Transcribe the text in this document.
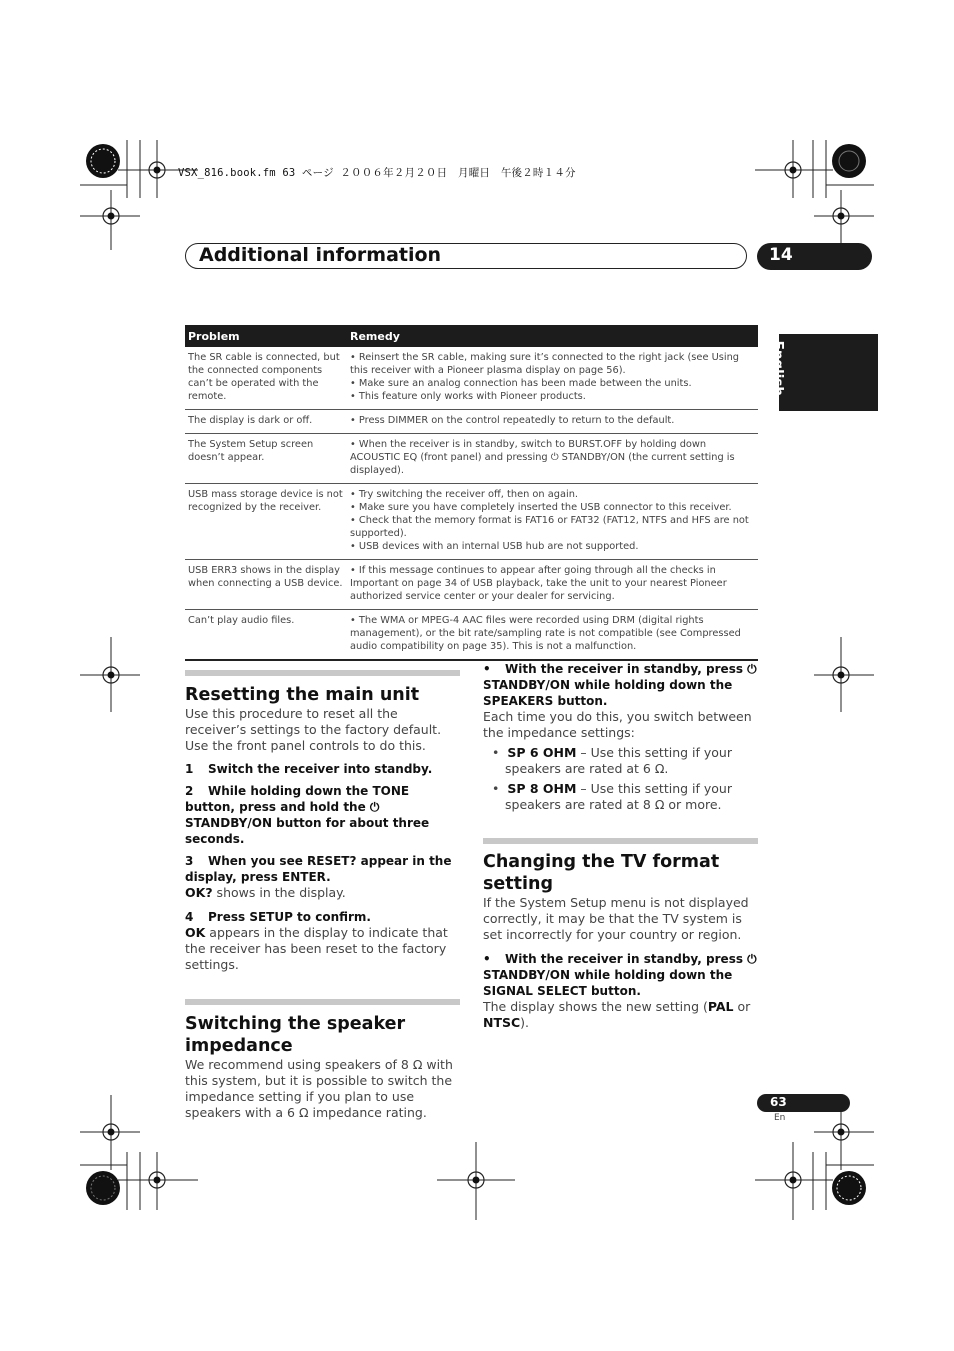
VSX_816.book.fm 63 ページ ２００６年２月２０日　月曜日　午後２時１４分
Additional information	14
English
Problem	Remedy
The SR cable is connected, but the connected components can’t be operated with the remote.	• Reinsert the SR cable, making sure it’s connected to the right jack (see Using this receiver with a Pioneer plasma display on page 56).
• Make sure an analog connection has been made between the units.
• This feature only works with Pioneer products.

The display is dark or off.	• Press DIMMER on the control repeatedly to return to the default.

The System Setup screen doesn’t appear.	• When the receiver is in standby, switch to BURST.OFF by holding down ACOUSTIC EQ (front panel) and pressing ⏻ STANDBY/ON (the current setting is displayed).

USB mass storage device is not recognized by the receiver.	• Try switching the receiver off, then on again.
• Make sure you have completely inserted the USB connector to this receiver.
• Check that the memory format is FAT16 or FAT32 (FAT12, NTFS and HFS are not supported).
• USB devices with an internal USB hub are not supported.

USB ERR3 shows in the display when connecting a USB device.	• If this message continues to appear after going through all the checks in Important on page 34 of USB playback, take the unit to your nearest Pioneer authorized service center or your dealer for servicing.

Can’t play audio files.	• The WMA or MPEG-4 AAC files were recorded using DRM (digital rights management), or the bit rate/sampling rate is not compatible (see Compressed audio compatibility on page 35). This is not a malfunction.
Resetting the main unit
Use this procedure to reset all the receiver’s settings to the factory default. Use the front panel controls to do this.
1 Switch the receiver into standby.
2 While holding down the TONE button, press and hold the ⏻ STANDBY/ON button for about three seconds.
3 When you see RESET? appear in the display, press ENTER.
OK? shows in the display.
4 Press SETUP to confirm.
OK appears in the display to indicate that the receiver has been reset to the factory settings.
Switching the speaker impedance
We recommend using speakers of 8 Ω with this system, but it is possible to switch the impedance setting if you plan to use speakers with a 6 Ω impedance rating.
• With the receiver in standby, press ⏻ STANDBY/ON while holding down the SPEAKERS button.
Each time you do this, you switch between the impedance settings:
•  SP 6 OHM – Use this setting if your speakers are rated at 6 Ω.
•  SP 8 OHM – Use this setting if your speakers are rated at 8 Ω or more.
Changing the TV format setting
If the System Setup menu is not displayed correctly, it may be that the TV system is set incorrectly for your country or region.
• With the receiver in standby, press ⏻ STANDBY/ON while holding down the SIGNAL SELECT button.
The display shows the new setting (PAL or NTSC).
63
En
